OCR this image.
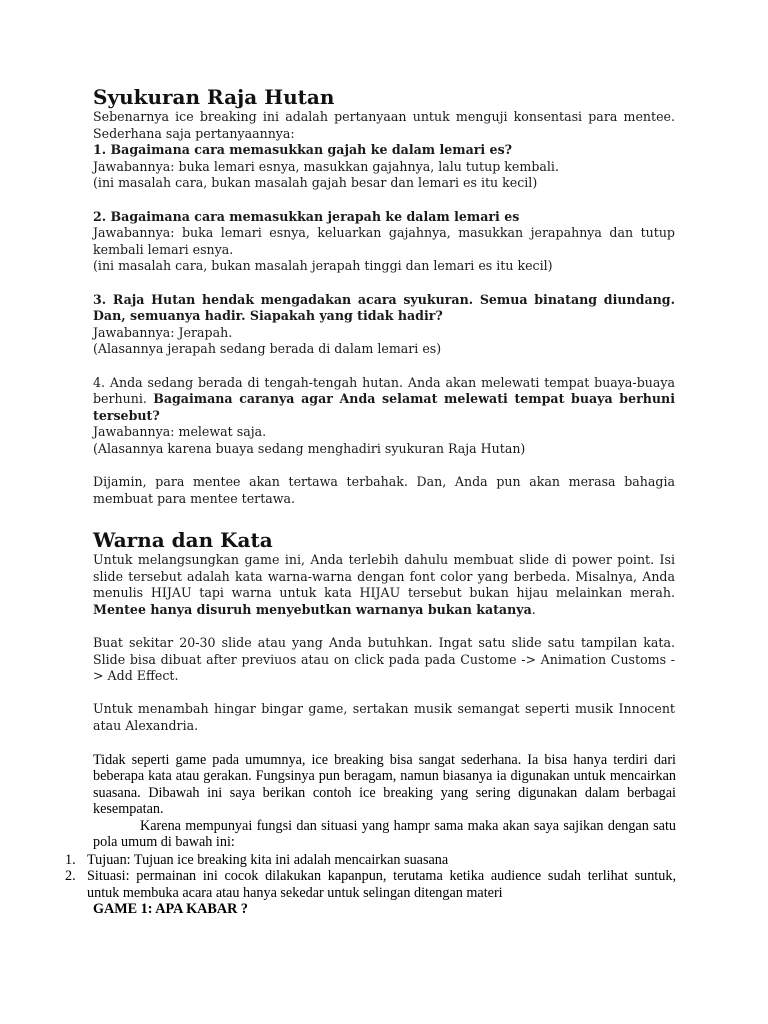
Syukuran Raja Hutan

Sebenarnya ice breaking ini adalah pertanyaan untuk menguji konsentasi para mentee. Sederhana saja pertanyaannya:

1. Bagaimana cara memasukkan gajah ke dalam lemari es?
Jawabannya: buka lemari esnya, masukkan gajahnya, lalu tutup kembali.
(ini masalah cara, bukan masalah gajah besar dan lemari es itu kecil)
2. Bagaimana cara memasukkan jerapah ke dalam lemari es
Jawabannya: buka lemari esnya, keluarkan gajahnya, masukkan jerapahnya dan tutup kembali lemari esnya.
(ini masalah cara, bukan masalah jerapah tinggi dan lemari es itu kecil)
3. Raja Hutan hendak mengadakan acara syukuran. Semua binatang diundang. Dan, semuanya hadir. Siapakah yang tidak hadir?
Jawabannya: Jerapah.
(Alasannya jerapah sedang berada di dalam lemari es)
4. Anda sedang berada di tengah-tengah hutan. Anda akan melewati tempat buaya-buaya berhuni. Bagaimana caranya agar Anda selamat melewati tempat buaya berhuni tersebut?
Jawabannya: melewat saja.
(Alasannya karena buaya sedang menghadiri syukuran Raja Hutan)

Dijamin, para mentee akan tertawa terbahak. Dan, Anda pun akan merasa bahagia membuat para mentee tertawa.

Warna dan Kata

Untuk melangsungkan game ini, Anda terlebih dahulu membuat slide di power point. Isi slide tersebut adalah kata warna-warna dengan font color yang berbeda. Misalnya, Anda menulis HIJAU tapi warna untuk kata HIJAU tersebut bukan hijau melainkan merah. Mentee hanya disuruh menyebutkan warnanya bukan katanya.

Buat sekitar 20-30 slide atau yang Anda butuhkan. Ingat satu slide satu tampilan kata. Slide bisa dibuat after previuos atau on click pada pada Custome -> Animation Customs -> Add Effect.

Untuk menambah hingar bingar game, sertakan musik semangat seperti musik Innocent atau Alexandria.

Tidak seperti game pada umumnya, ice breaking bisa sangat sederhana. Ia bisa hanya terdiri dari beberapa kata atau gerakan. Fungsinya pun beragam, namun biasanya ia digunakan untuk mencairkan suasana. Dibawah ini saya berikan contoh ice breaking yang sering digunakan dalam berbagai kesempatan.

Karena mempunyai fungsi dan situasi yang hampr sama maka akan saya sajikan dengan satu pola umum di bawah ini:

1. Tujuan: Tujuan ice breaking kita ini adalah mencairkan suasana
2. Situasi: permainan ini cocok dilakukan kapanpun, terutama ketika audience sudah terlihat suntuk, untuk membuka acara atau hanya sekedar untuk selingan ditengan materi
GAME 1: APA KABAR ?
